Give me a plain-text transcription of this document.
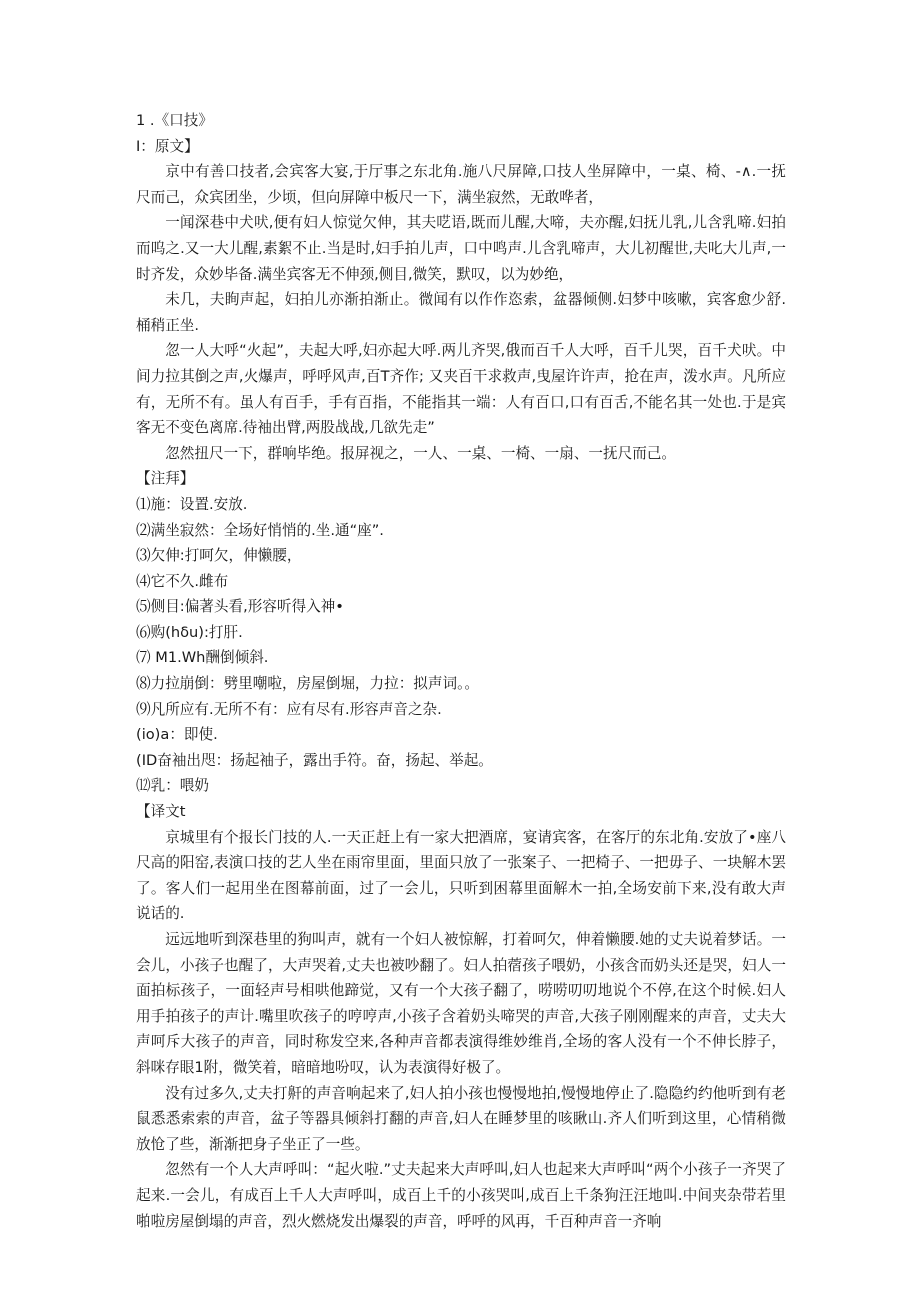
1 .《口技》
I：原文】

京中有善口技者,会宾客大宴,于厅事之东北角.施八尺屏障,口技人坐屏障中，一桌、椅、-∧.一抚尺而己，众宾团坐，少顷，但向屏障中板尺一下，满坐寂然，无敢哗者，

一闻深巷中犬吠,便有妇人惊觉欠伸，其夫呓语,既而儿醒,大啼，夫亦醒,妇抚儿乳,儿含乳啼.妇拍而呜之.又一大儿醒,素絮不止.当是时,妇手拍儿声，口中鸣声.儿含乳啼声，大儿初醒世,夫叱大儿声,一时齐发，众妙毕备.满坐宾客无不伸颈,侧目,微笑，默叹，以为妙绝，

未几，夫眴声起，妇拍儿亦渐拍渐止。微闻有以作作恣索，盆器倾侧.妇梦中咳嗽，宾客愈少舒.桶稍正坐.

忽一人大呼“火起”，夫起大呼,妇亦起大呼.两儿齐哭,俄而百千人大呼，百千儿哭，百千犬吠。中间力拉其倒之声,火爆声，呼呼风声,百T齐作; 又夹百干求救声,曳屋许许声，抢在声，泼水声。凡所应有，无所不有。虽人有百手，手有百指，不能指其一端：人有百口,口有百舌,不能名其一处也.于是宾客无不变色离席.待袖出臂,两股战战,几欲先走”

忽然扭尺一下，群响毕绝。报屏视之，一人、一桌、一椅、一扇、一抚尺而己。

【注拜】
⑴施：设置.安放.
⑵满坐寂然：全场好悄悄的.坐.通“座”.
⑶欠伸:打呵欠，伸懒腰，
⑷它不久.雌布
⑸侧目:偏著头看,形容听得入神•
⑹购(hδu):打肝.
⑺ M1.Wh酬倒倾斜.
⑻力拉崩倒：劈里嘲啦，房屋倒堀，力拉：拟声词。。
⑼凡所应有.无所不有：应有尽有.形容声音之杂.
(io)a：即使.
(ID奋袖出咫：扬起袖子，露出手符。奋，扬起、举起。
⑿乳：喂奶
【译文t

京城里有个报长门技的人.一天正赶上有一家大把酒席，宴请宾客，在客厅的东北角.安放了•座八尺高的阳窑,表演口技的艺人坐在雨帘里面，里面只放了一张案子、一把椅子、一把毋子、一块解木罢了。客人们一起用坐在图幕前面，过了一会儿，只听到困幕里面解木一拍,全场安前下来,没有敢大声说话的.

远远地听到深巷里的狗叫声，就有一个妇人被惊解，打着呵欠，伸着懒腰.她的丈夫说着梦话。一会儿，小孩子也醒了，大声哭着,丈夫也被吵翻了。妇人拍蓿孩子喂奶，小孩含而奶头还是哭，妇人一面拍标孩子，一面轻声号相哄他蹄觉，又有一个大孩子翻了，唠唠叨叨地说个不停,在这个时候.妇人用手拍孩子的声计.嘴里吹孩子的哼哼声,小孩子含着奶头啼哭的声音,大孩子刚刚醒来的声音，丈夫大声呵斥大孩子的声音，同时称发空来,各种声音都表演得维妙维肖,全场的客人没有一个不伸长脖子，斜咪存眼1附，微笑着，暗暗地吩叹，认为表演得好极了。

没有过多久,丈夫打鼾的声音响起来了,妇人拍小孩也慢慢地拍,慢慢地停止了.隐隐约约他听到有老鼠悉悉索索的声音，盆子等器具倾斜打翻的声音,妇人在睡梦里的咳瞅山.齐人们听到这里，心情稍微放怆了些，渐渐把身子坐正了一些。

忽然有一个人大声呼叫：“起火啦.”丈夫起来大声呼叫,妇人也起来大声呼叫“两个小孩子一齐哭了起来.一会儿，有成百上千人大声呼叫，成百上千的小孩哭叫,成百上千条狗汪汪地叫.中间夹杂带若里啪啦房屋倒塌的声音，烈火燃烧发出爆裂的声音，呼呼的风再，千百种声音一齐响
